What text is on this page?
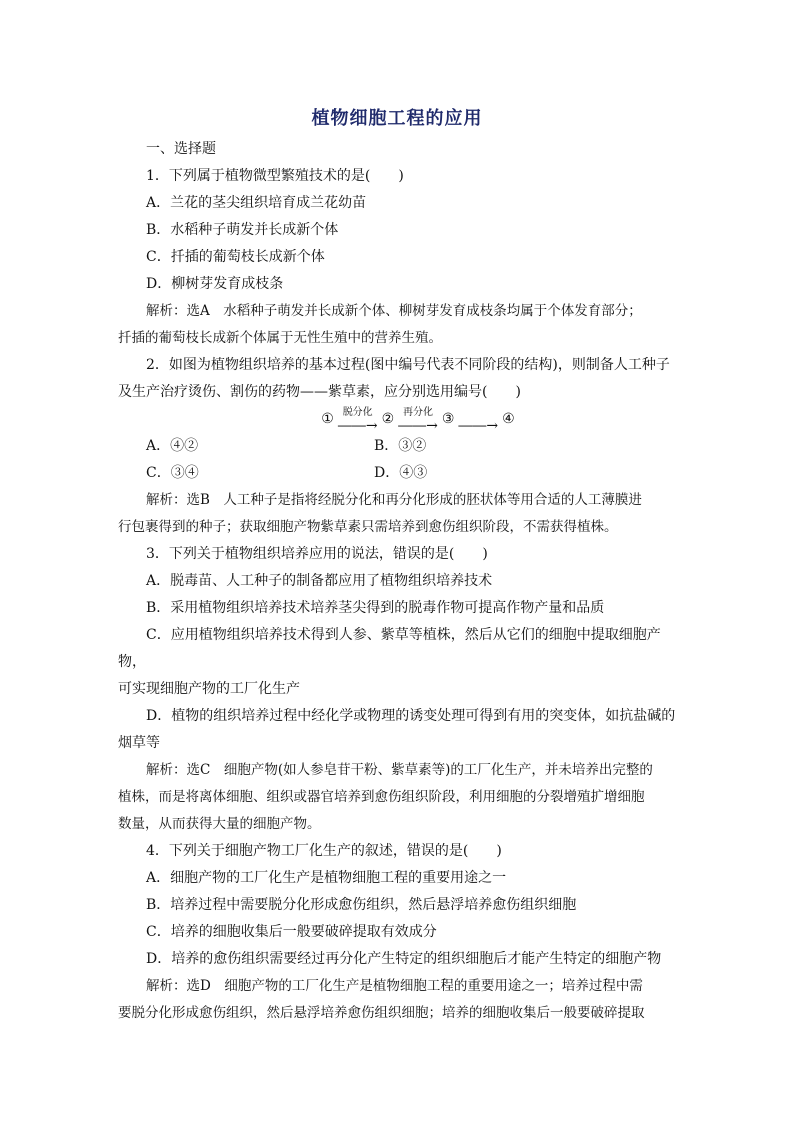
植物细胞工程的应用

一、选择题

1．下列属于植物微型繁殖技术的是(　　)

A．兰花的茎尖组织培育成兰花幼苗

B．水稻种子萌发并长成新个体

C．扦插的葡萄枝长成新个体

D．柳树芽发育成枝条

解析：选A　水稻种子萌发并长成新个体、柳树芽发育成枝条均属于个体发育部分；

扦插的葡萄枝长成新个体属于无性生殖中的营养生殖。

2．如图为植物组织培养的基本过程(图中编号代表不同阶段的结构)，则制备人工种子

及生产治疗烫伤、割伤的药物——紫草素，应分别选用编号(　　)

① 脱分化
――→ ② 再分化
――→ ③ ――→ ④
A．④②	B．③②
C．③④	D．④③

解析：选B　人工种子是指将经脱分化和再分化形成的胚状体等用合适的人工薄膜进

行包裹得到的种子；获取细胞产物紫草素只需培养到愈伤组织阶段，不需获得植株。

3．下列关于植物组织培养应用的说法，错误的是(　　)

A．脱毒苗、人工种子的制备都应用了植物组织培养技术

B．采用植物组织培养技术培养茎尖得到的脱毒作物可提高作物产量和品质

C．应用植物组织培养技术得到人参、紫草等植株，然后从它们的细胞中提取细胞产物，

可实现细胞产物的工厂化生产

D．植物的组织培养过程中经化学或物理的诱变处理可得到有用的突变体，如抗盐碱的

烟草等

解析：选C　细胞产物(如人参皂苷干粉、紫草素等)的工厂化生产，并未培养出完整的

植株，而是将离体细胞、组织或器官培养到愈伤组织阶段，利用细胞的分裂增殖扩增细胞

数量，从而获得大量的细胞产物。

4．下列关于细胞产物工厂化生产的叙述，错误的是(　　)

A．细胞产物的工厂化生产是植物细胞工程的重要用途之一

B．培养过程中需要脱分化形成愈伤组织，然后悬浮培养愈伤组织细胞

C．培养的细胞收集后一般要破碎提取有效成分

D．培养的愈伤组织需要经过再分化产生特定的组织细胞后才能产生特定的细胞产物

解析：选D　细胞产物的工厂化生产是植物细胞工程的重要用途之一；培养过程中需

要脱分化形成愈伤组织，然后悬浮培养愈伤组织细胞；培养的细胞收集后一般要破碎提取
